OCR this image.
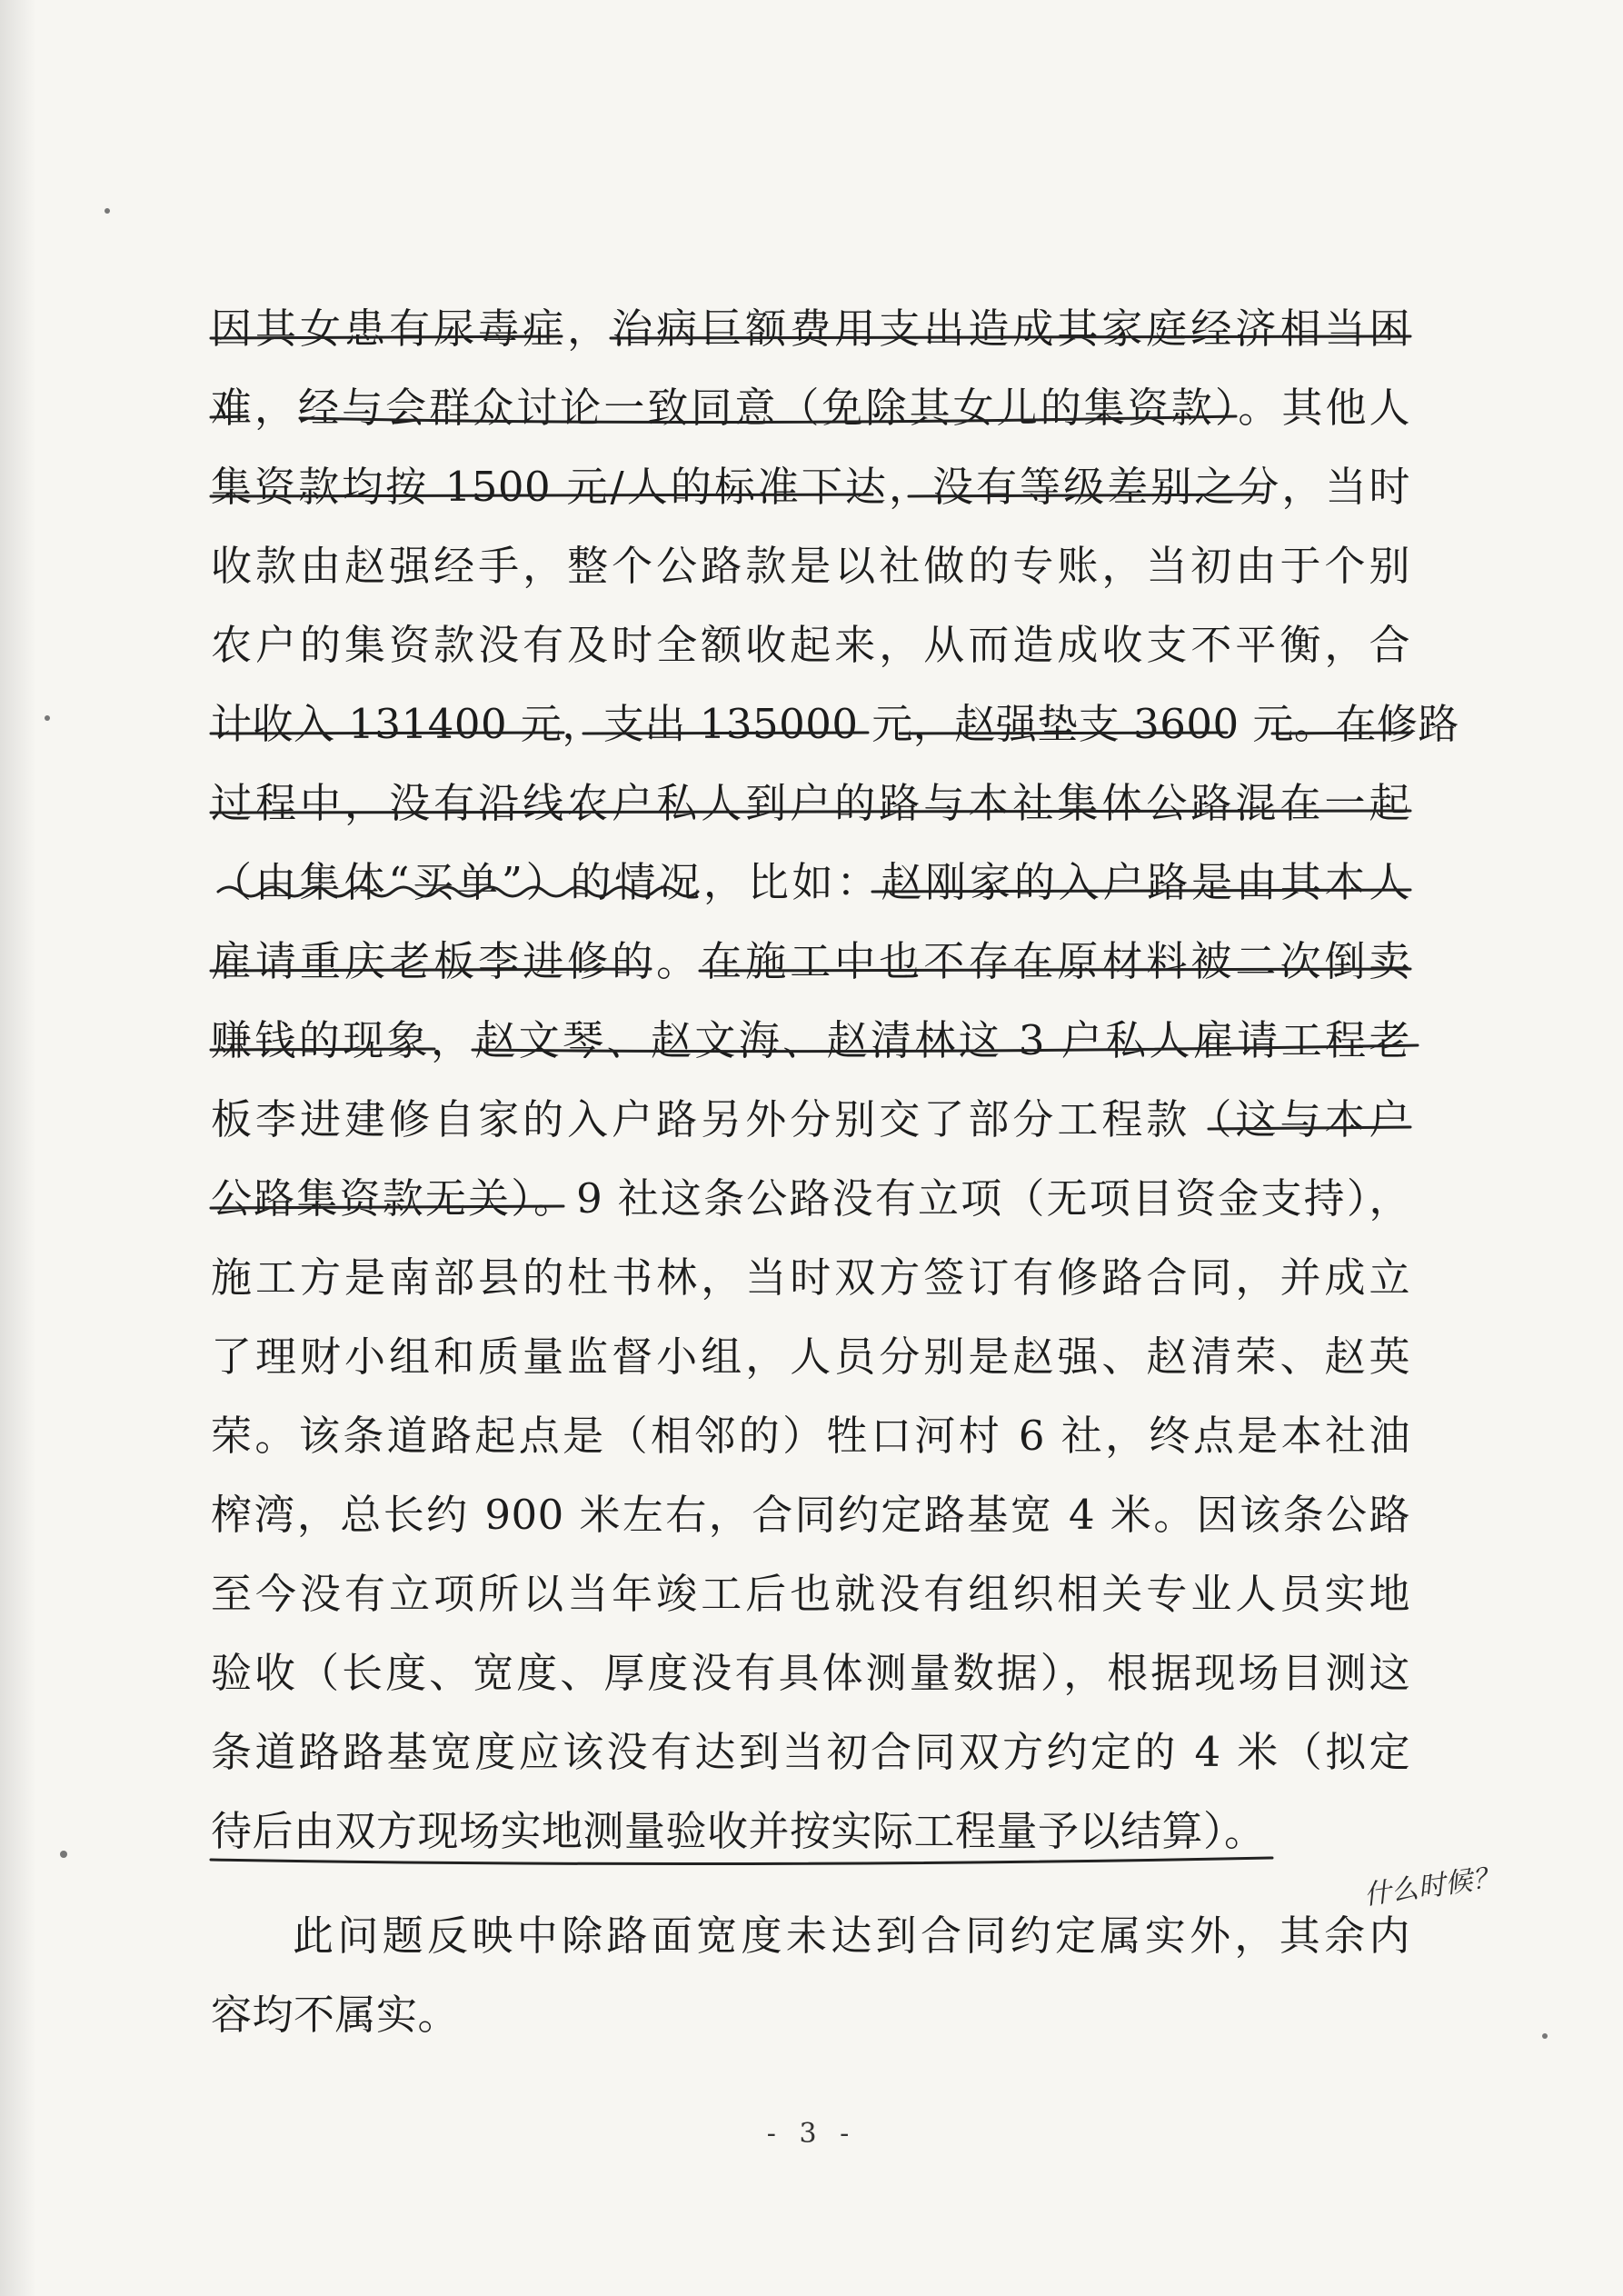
因其女患有尿毒症，治病巨额费用支出造成其家庭经济相当困
难，经与会群众讨论一致同意（免除其女儿的集资款）。其他人
集资款均按 1500 元/人的标准下达，没有等级差别之分，当时
收款由赵强经手，整个公路款是以社做的专账，当初由于个别
农户的集资款没有及时全额收起来，从而造成收支不平衡，合
计收入 131400 元，支出 135000 元，赵强垫支 3600 元。在修路
过程中，没有沿线农户私人到户的路与本社集体公路混在一起
（由集体“买单”）的情况，比如：赵刚家的入户路是由其本人
雇请重庆老板李进修的。在施工中也不存在原材料被二次倒卖
赚钱的现象，赵文琴、赵文海、赵清林这 3 户私人雇请工程老
板李进建修自家的入户路另外分别交了部分工程款（这与本户
公路集资款无关）。9 社这条公路没有立项（无项目资金支持），
施工方是南部县的杜书林，当时双方签订有修路合同，并成立
了理财小组和质量监督小组，人员分别是赵强、赵清荣、赵英
荣。该条道路起点是（相邻的）牲口河村 6 社，终点是本社油
榨湾，总长约 900 米左右，合同约定路基宽 4 米。因该条公路
至今没有立项所以当年竣工后也就没有组织相关专业人员实地
验收（长度、宽度、厚度没有具体测量数据），根据现场目测这
条道路路基宽度应该没有达到当初合同双方约定的 4 米（拟定
待后由双方现场实地测量验收并按实际工程量予以结算）。
此问题反映中除路面宽度未达到合同约定属实外，其余内
容均不属实。
什么时候？
- 3 -
